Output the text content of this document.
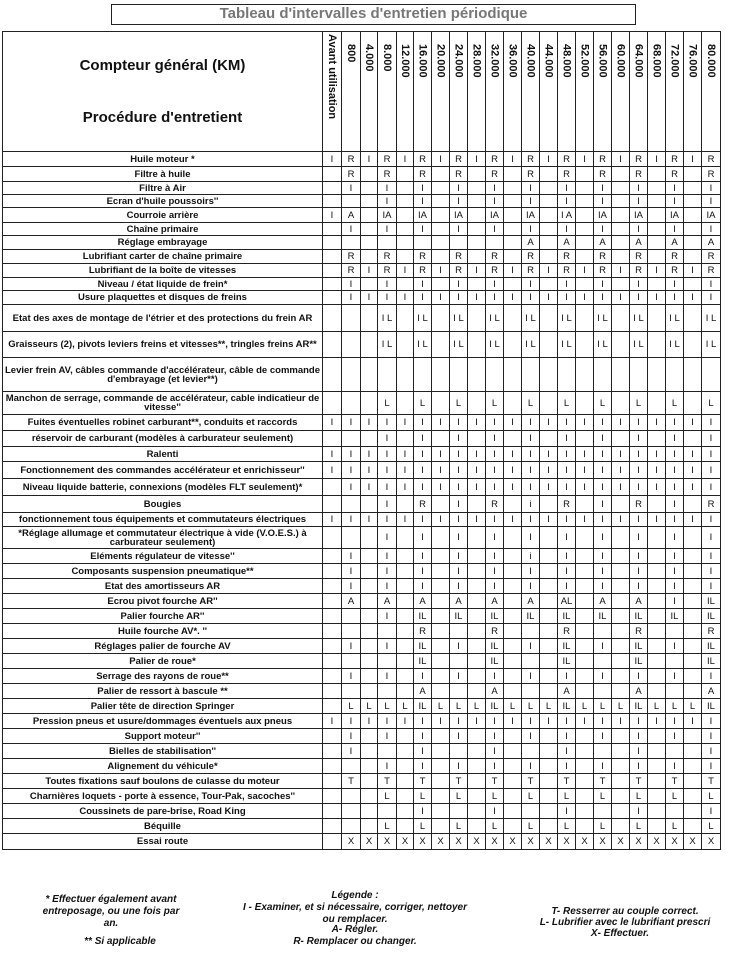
Tableau d'intervalles d'entretien périodique
Compteur général (KM)
Procédure d'entretient	Avant utilisation	800	4.000	8.000	12.000	16.000	20.000	24.000	28.000	32.000	36.000	40.000	44.000	48.000	52.000	56.000	60.000	64.000	68.000	72.000	76.000	80.000
Huile moteur *	I	R	I	R	I	R	I	R	I	R	I	R	I	R	I	R	I	R	I	R	I	R
Filtre à huile		R		R		R		R		R		R		R		R		R		R		R
Filtre à Air		I		I		I		I		I		I		I		I		I		I		I
Ecran d'huile poussoirs''				I		I		I		I		I		I		I		I		I		I
Courroie arrière	I	A		IA		IA		IA		IA		IA		I A		IA		IA		IA		IA
Chaîne primaire		I		I		I		I		I		I		I		I		I		I		I
Réglage embrayage												A		A		A		A		A		A
Lubrifiant carter de chaîne primaire		R		R		R		R		R		R		R		R		R		R		R
Lubrifiant de la boîte de vitesses		R	I	R	I	R	I	R	I	R	I	R	I	R	I	R	I	R	I	R	I	R
Niveau / état liquide de frein*		I		I		I		I		I		I		I		I		I		I		I
Usure plaquettes et disques de freins		I	I	I	I	I	I	I	I	I	I	I	I	I	I	I	I	I	I	I	I	I
Etat des axes de montage de l'étrier et des protections du frein AR				I L		I L		I L		I L		I L		I L		I L		I L		I L		I L
Graisseurs (2), pivots leviers freins et vitesses**, tringles freins AR**				I L		I L		I L		I L		I L		I L		I L		I L		I L		I L
Levier frein AV, câbles commande d'accélérateur, câble de commande d'embrayage (et levier**)																						
Manchon de serrage, commande de accélérateur, cable indicatieur de vitesse''				L		L		L		L		L		L		L		L		L		L
Fuites éventuelles robinet carburant**, conduits et raccords	I	I	I	I	I	I	I	I	I	I	I	I	I	I	I	I	I	I	I	I	I	I
réservoir de carburant (modèles à carburateur seulement)				I		I		I		I		I		I		I		I		I		I
Ralenti	I	I	I	I	I	I	I	I	I	I	I	I	I	I	I	I	I	I	I	I	I	I
Fonctionnement des commandes accélérateur et enrichisseur''	I	I	I	I	I	I	I	I	I	I	I	I	I	I	I	I	I	I	I	I	I	I
Niveau liquide batterie, connexions (modèles FLT seulement)*		I	I	I	I	I	I	I	I	I	I	I	I	I	I	I	I	I	I	I	I	I
Bougies				I		R		I		R		i		R		I		R		I		R
fonctionnement tous équipements et commutateurs électriques	I	I	I	I	I	I	I	I	I	I	I	I	I	I	I	I	I	I	I	I	I	I
*Réglage allumage et commutateur électrique à vide (V.O.E.S.) à carburateur seulement)				I		I		I		I		I		I		I		I		I		I
Eléments régulateur de vitesse''		I		I		I		I		I		i		I		I		I		I		I
Composants suspension pneumatique**		I		I		I		I		I		I		I		I		I		I		I
Etat des amortisseurs AR		I		I		I		I		I		I		I		I		I		I		I
Ecrou pivot fourche AR''		A		A		A		A		A		A		AL		A		A		I		IL
Palier fourche AR''				I		IL		IL		IL		IL		IL		IL		IL		IL		IL
Huile fourche AV*. ''						R				R				R				R				R
Réglages palier de fourche AV		I		I		IL		I		IL		I		IL		I		IL		I		IL
Palier de roue*						IL				IL				IL				IL				IL
Serrage des rayons de roue**		I		I		I		I		I		I		I		I		I		I		I
Palier de ressort à bascule **						A				A				A				A				A
Palier tête de direction Springer		L	L	L	L	IL	L	L	L	IL	L	L	L	IL	L	L	L	IL	L	L	L	IL
Pression pneus et usure/dommages éventuels aux pneus	I	I	I	I	I	I	I	I	I	I	I	I	I	I	I	I	I	I	I	I	I	I
Support moteur''		I		I		I		I		I		I		I		I		I		I		I
Bielles de stabilisation''		I				I				I				I				I				I
Alignement du véhicule*				I		I		I		I		I		I		I		I		I		I
Toutes fixations sauf boulons de culasse du moteur		T		T		T		T		T		T		T		T		T		T		T
Charnières loquets - porte à essence, Tour-Pak, sacoches''				L		L		L		L		L		L		L		L		L		L
Coussinets de pare-brise, Road King						I				I				I				I				I
Béquille				L		L		L		L		L		L		L		L		L		L
Essai route		X	X	X	X	X	X	X	X	X	X	X	X	X	X	X	X	X	X	X	X	X
* Effectuer également avant entreposage, ou une fois par an.
** Si applicable
Légende :
I - Examiner, et si nécessaire, corriger, nettoyer ou remplacer.
A- Régler.
R- Remplacer ou changer.
T- Resserrer au couple correct.
L- Lubrifier avec le lubrifiant prescri
X- Effectuer.
